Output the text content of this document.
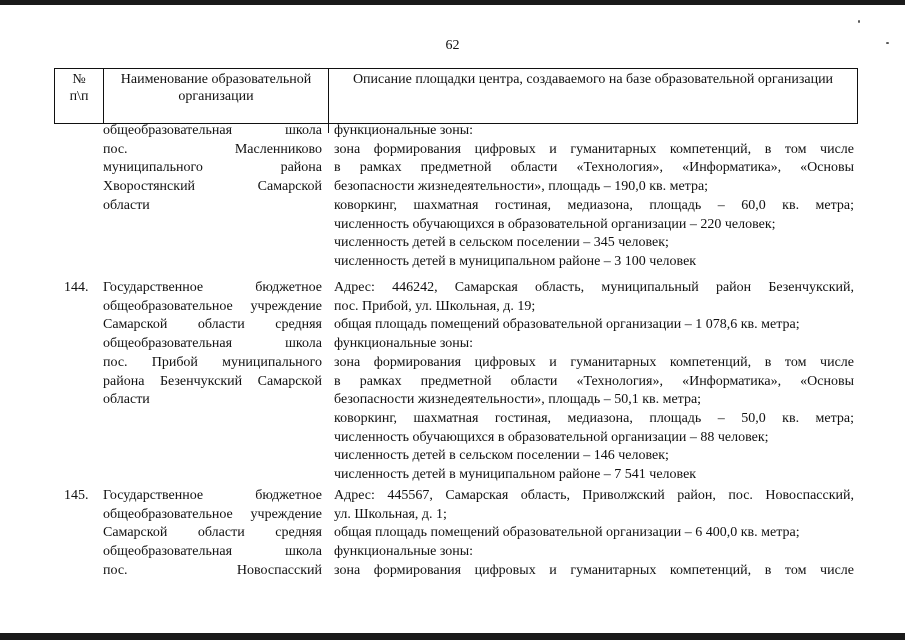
62
№
п\п
Наименование образовательной
организации
Описание площадки центра, создаваемого на базе образовательной организации
общеобразовательная школа
пос. Масленниково
муниципального района
Хворостянский Самарской
области
функциональные зоны:
зона формирования цифровых и гуманитарных компетенций, в том числе
в рамках предметной области «Технология», «Информатика», «Основы
безопасности жизнедеятельности», площадь – 190,0 кв. метра;
коворкинг, шахматная гостиная, медиазона, площадь – 60,0 кв. метра;
численность обучающихся в образовательной организации – 220 человек;
численность детей в сельском поселении – 345 человек;
численность детей в муниципальном районе – 3 100 человек
144.	Государственное бюджетное
общеобразовательное учреждение
Самарской области средняя
общеобразовательная школа
пос. Прибой муниципального
района Безенчукский Самарской
области
Адрес: 446242, Самарская область, муниципальный район Безенчукский,
пос. Прибой, ул. Школьная, д. 19;
общая площадь помещений образовательной организации – 1 078,6 кв. метра;
функциональные зоны:
зона формирования цифровых и гуманитарных компетенций, в том числе
в рамках предметной области «Технология», «Информатика», «Основы
безопасности жизнедеятельности», площадь – 50,1 кв. метра;
коворкинг, шахматная гостиная, медиазона, площадь – 50,0 кв. метра;
численность обучающихся в образовательной организации – 88 человек;
численность детей в сельском поселении – 146 человек;
численность детей в муниципальном районе – 7 541 человек
145.	Государственное бюджетное
общеобразовательное учреждение
Самарской области средняя
общеобразовательная школа
пос. Новоспасский
Адрес: 445567, Самарская область, Приволжский район, пос. Новоспасский,
ул. Школьная, д. 1;
общая площадь помещений образовательной организации – 6 400,0 кв. метра;
функциональные зоны:
зона формирования цифровых и гуманитарных компетенций, в том числе
